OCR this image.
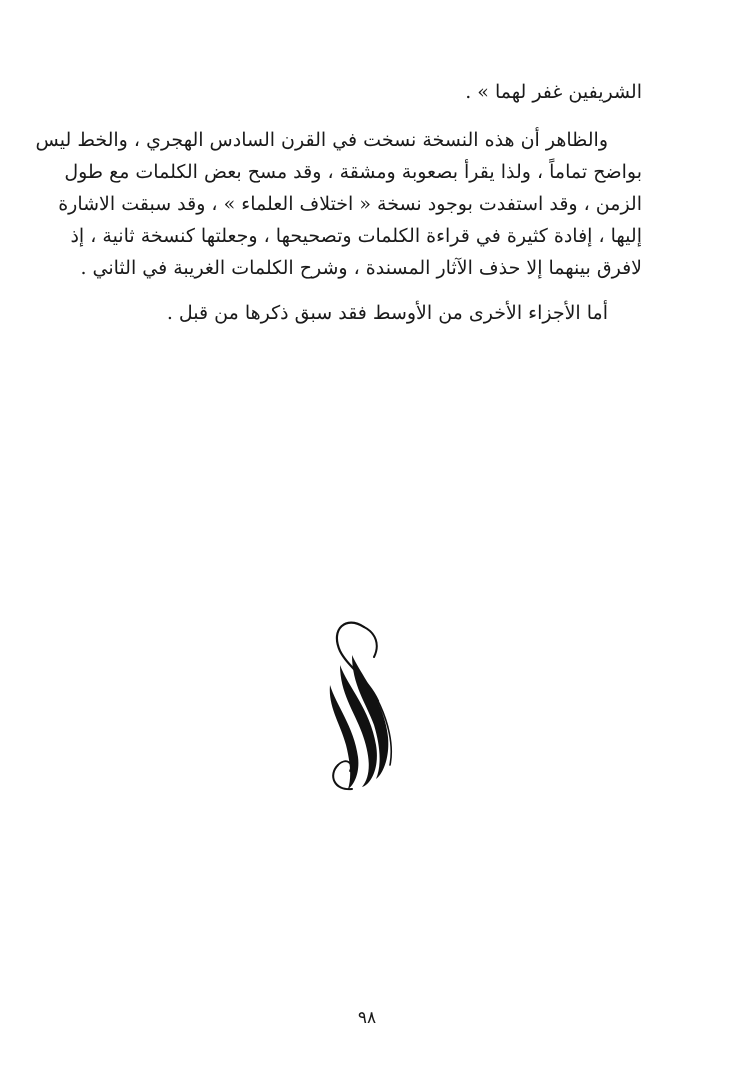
الشريفين غفر لهما » .
والظاهر أن هذه النسخة نسخت في القرن السادس الهجري ، والخط ليس
بواضح تماماً ، ولذا يقرأ بصعوبة ومشقة ، وقد مسح بعض الكلمات مع طول
الزمن ، وقد استفدت بوجود نسخة « اختلاف العلماء » ، وقد سبقت الاشارة
إليها ، إفادة كثيرة في قراءة الكلمات وتصحيحها ، وجعلتها كنسخة ثانية ، إذ
لافرق بينهما إلا حذف الآثار المسندة ، وشرح الكلمات الغريبة في الثاني .
أما الأجزاء الأخرى من الأوسط فقد سبق ذكرها من قبل .
٩٨
